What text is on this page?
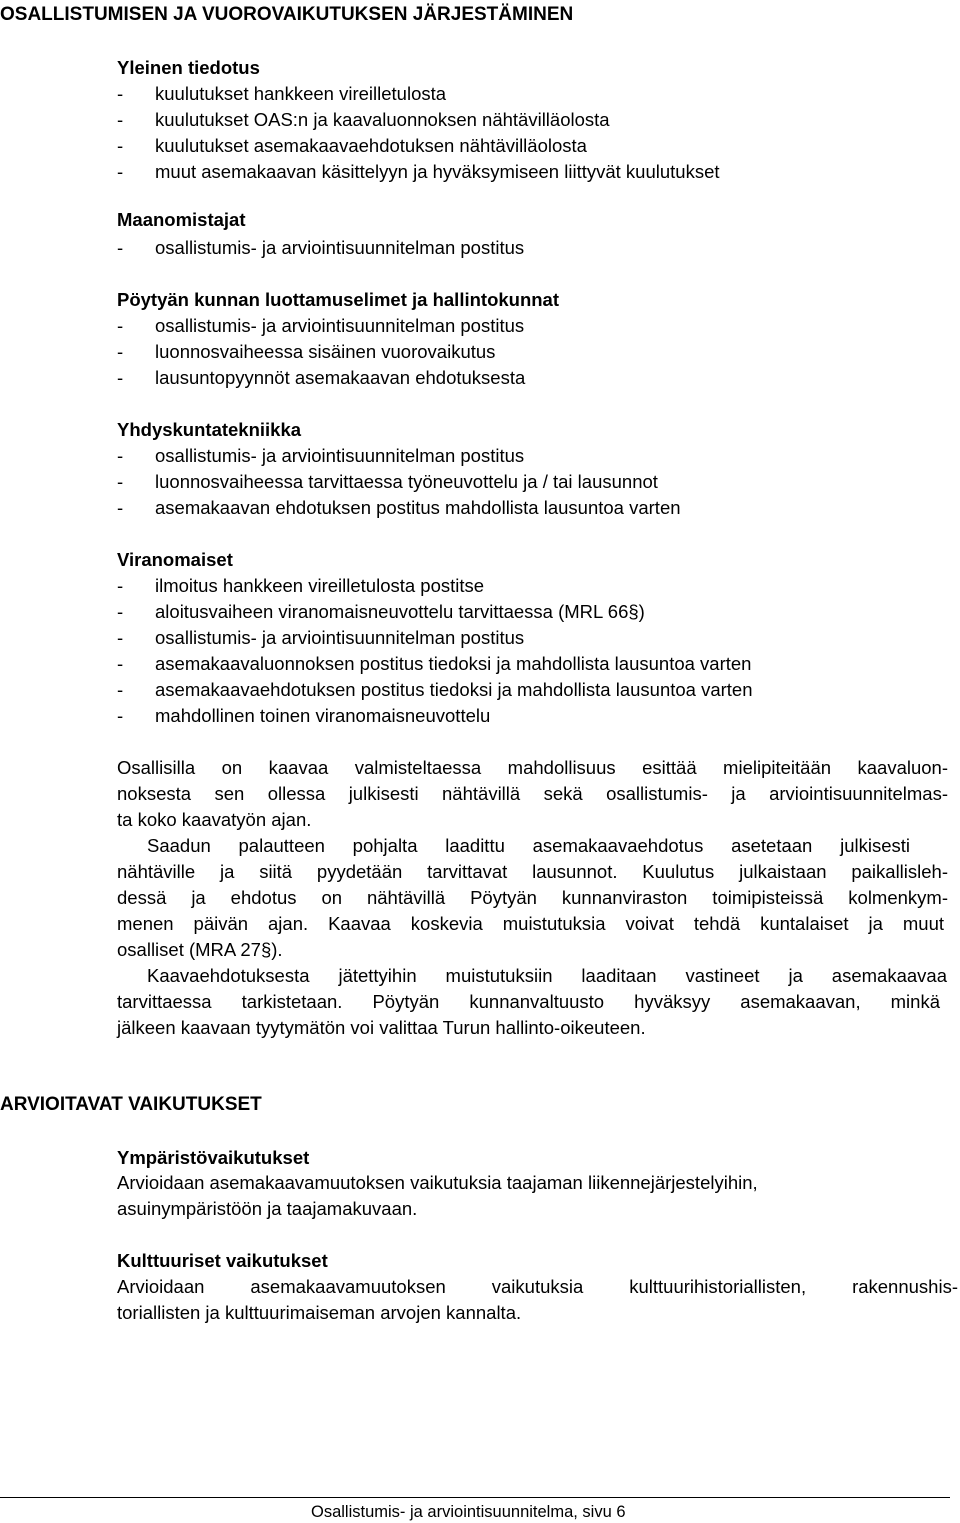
OSALLISTUMISEN JA VUOROVAIKUTUKSEN JÄRJESTÄMINEN
Yleinen tiedotus
- kuulutukset hankkeen vireilletulosta
- kuulutukset OAS:n ja kaavaluonnoksen nähtävilläolosta
- kuulutukset asemakaavaehdotuksen nähtävilläolosta
- muut asemakaavan käsittelyyn ja hyväksymiseen liittyvät kuulutukset
Maanomistajat
- osallistumis- ja arviointisuunnitelman postitus
Pöytyän kunnan luottamuselimet ja hallintokunnat
- osallistumis- ja arviointisuunnitelman postitus
- luonnosvaiheessa sisäinen vuorovaikutus
- lausuntopyynnöt asemakaavan ehdotuksesta
Yhdyskuntatekniikka
- osallistumis- ja arviointisuunnitelman postitus
- luonnosvaiheessa tarvittaessa työneuvottelu ja / tai lausunnot
- asemakaavan ehdotuksen postitus mahdollista lausuntoa varten
Viranomaiset
- ilmoitus hankkeen vireilletulosta postitse
- aloitusvaiheen viranomaisneuvottelu tarvittaessa (MRL 66§)
- osallistumis- ja arviointisuunnitelman postitus
- asemakaavaluonnoksen postitus tiedoksi ja mahdollista lausuntoa varten
- asemakaavaehdotuksen postitus tiedoksi ja mahdollista lausuntoa varten
- mahdollinen toinen viranomaisneuvottelu
Osallisilla on kaavaa valmisteltaessa mahdollisuus esittää mielipiteitään kaavaluon-
noksesta sen ollessa julkisesti nähtävillä sekä osallistumis- ja arviointisuunnitelmas-
ta koko kaavatyön ajan.
Saadun palautteen pohjalta laadittu asemakaavaehdotus asetetaan julkisesti
nähtäville ja siitä pyydetään tarvittavat lausunnot. Kuulutus julkaistaan paikallisleh-
dessä ja ehdotus on nähtävillä Pöytyän kunnanviraston toimipisteissä kolmenkym-
menen päivän ajan. Kaavaa koskevia muistutuksia voivat tehdä kuntalaiset ja muut
osalliset (MRA 27§).
Kaavaehdotuksesta jätettyihin muistutuksiin laaditaan vastineet ja asemakaavaa
tarvittaessa tarkistetaan. Pöytyän kunnanvaltuusto hyväksyy asemakaavan, minkä
jälkeen kaavaan tyytymätön voi valittaa Turun hallinto-oikeuteen.
ARVIOITAVAT VAIKUTUKSET
Ympäristövaikutukset
Arvioidaan asemakaavamuutoksen vaikutuksia taajaman liikennejärjestelyihin,
asuinympäristöön ja taajamakuvaan.
Kulttuuriset vaikutukset
Arvioidaan asemakaavamuutoksen vaikutuksia kulttuurihistoriallisten, rakennushis-
toriallisten ja kulttuurimaiseman arvojen kannalta.
Osallistumis- ja arviointisuunnitelma, sivu 6
